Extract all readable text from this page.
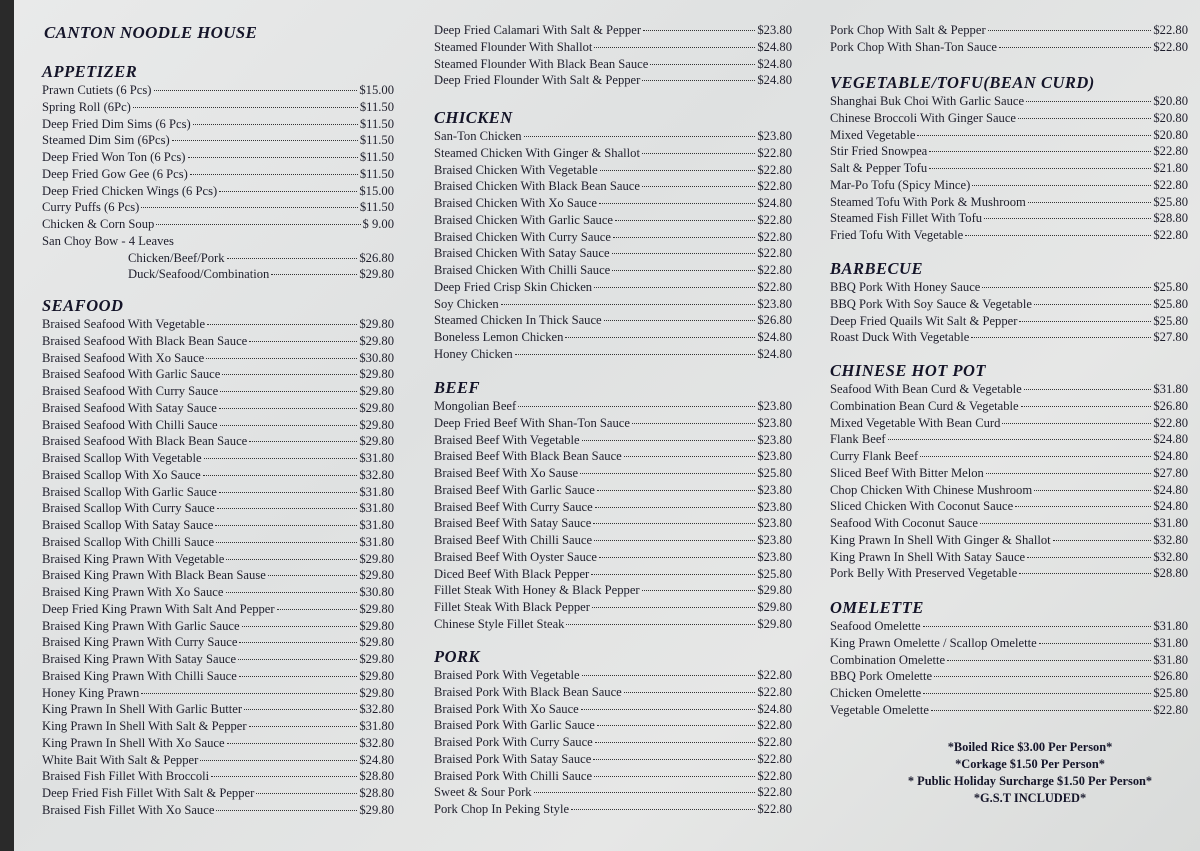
CANTON NOODLE HOUSE
APPETIZER
Prawn Cutiets (6 Pcs)	$15.00
Spring Roll (6Pc)	$11.50
Deep Fried Dim Sims (6 Pcs)	$11.50
Steamed Dim Sim (6Pcs)	$11.50
Deep Fried Won Ton (6 Pcs)	$11.50
Deep Fried Gow Gee (6 Pcs)	$11.50
Deep Fried Chicken Wings (6 Pcs)	$15.00
Curry Puffs (6 Pcs)	$11.50
Chicken & Corn Soup	$ 9.00
San Choy Bow - 4 Leaves
Chicken/Beef/Pork	$26.80
Duck/Seafood/Combination	$29.80
SEAFOOD
Braised Seafood With Vegetable	$29.80
Braised Seafood With Black Bean Sauce	$29.80
Braised Seafood With Xo Sauce	$30.80
Braised Seafood With Garlic Sauce	$29.80
Braised Seafood With Curry Sauce	$29.80
Braised Seafood With Satay Sauce	$29.80
Braised Seafood With Chilli Sauce	$29.80
Braised Seafood With Black Bean Sauce	$29.80
Braised Scallop With Vegetable	$31.80
Braised Scallop With Xo Sauce	$32.80
Braised Scallop With Garlic Sauce	$31.80
Braised Scallop With Curry Sauce	$31.80
Braised Scallop With Satay Sauce	$31.80
Braised Scallop With Chilli Sauce	$31.80
Braised King Prawn With Vegetable	$29.80
Braised King Prawn With Black Bean Sause	$29.80
Braised King Prawn With Xo Sauce	$30.80
Deep Fried King Prawn With Salt And Pepper	$29.80
Braised King Prawn With Garlic Sauce	$29.80
Braised King Prawn With Curry Sauce	$29.80
Braised King Prawn With Satay Sauce	$29.80
Braised King Prawn With Chilli Sauce	$29.80
Honey King Prawn	$29.80
King Prawn In Shell With Garlic Butter	$32.80
King Prawn In Shell With Salt & Pepper	$31.80
King Prawn In Shell With Xo Sauce	$32.80
White Bait With Salt & Pepper	$24.80
Braised Fish Fillet With Broccoli	$28.80
Deep Fried Fish Fillet With Salt & Pepper	$28.80
Braised Fish Fillet With Xo Sauce	$29.80
Deep Fried Calamari With Salt & Pepper	$23.80
Steamed Flounder With Shallot	$24.80
Steamed Flounder With Black Bean Sauce	$24.80
Deep Fried Flounder With Salt & Pepper	$24.80
CHICKEN
San-Ton Chicken	$23.80
Steamed Chicken With Ginger & Shallot	$22.80
Braised Chicken With Vegetable	$22.80
Braised Chicken With Black Bean Sauce	$22.80
Braised Chicken With Xo Sauce	$24.80
Braised Chicken With Garlic Sauce	$22.80
Braised Chicken With Curry Sauce	$22.80
Braised Chicken With Satay Sauce	$22.80
Braised Chicken With Chilli Sauce	$22.80
Deep Fried Crisp Skin Chicken	$22.80
Soy Chicken	$23.80
Steamed Chicken In Thick Sauce	$26.80
Boneless Lemon Chicken	$24.80
Honey Chicken	$24.80
BEEF
Mongolian Beef	$23.80
Deep Fried Beef With Shan-Ton Sauce	$23.80
Braised Beef With Vegetable	$23.80
Braised Beef With Black Bean Sauce	$23.80
Braised Beef With Xo Sause	$25.80
Braised Beef With Garlic Sauce	$23.80
Braised Beef With Curry Sauce	$23.80
Braised Beef With Satay Sauce	$23.80
Braised Beef With Chilli Sauce	$23.80
Braised Beef With Oyster Sauce	$23.80
Diced Beef With Black Pepper	$25.80
Fillet Steak With Honey & Black Pepper	$29.80
Fillet Steak With Black Pepper	$29.80
Chinese Style Fillet Steak	$29.80
PORK
Braised Pork With Vegetable	$22.80
Braised Pork With Black Bean Sauce	$22.80
Braised Pork With Xo Sauce	$24.80
Braised Pork With Garlic Sauce	$22.80
Braised Pork With Curry Sauce	$22.80
Braised Pork With Satay Sauce	$22.80
Braised Pork With Chilli Sauce	$22.80
Sweet & Sour Pork	$22.80
Pork Chop In Peking Style	$22.80
Pork Chop With Salt & Pepper	$22.80
Pork Chop With Shan-Ton Sauce	$22.80
VEGETABLE/TOFU(BEAN CURD)
Shanghai Buk Choi With Garlic Sauce	$20.80
Chinese Broccoli With Ginger Sauce	$20.80
Mixed Vegetable	$20.80
Stir Fried Snowpea	$22.80
Salt & Pepper Tofu	$21.80
Mar-Po Tofu (Spicy Mince)	$22.80
Steamed Tofu With Pork & Mushroom	$25.80
Steamed Fish Fillet With Tofu	$28.80
Fried Tofu With Vegetable	$22.80
BARBECUE
BBQ Pork With Honey Sauce	$25.80
BBQ Pork With Soy Sauce & Vegetable	$25.80
Deep Fried Quails Wit Salt & Pepper	$25.80
Roast Duck With Vegetable	$27.80
CHINESE HOT POT
Seafood With Bean Curd & Vegetable	$31.80
Combination Bean Curd & Vegetable	$26.80
Mixed Vegetable With Bean Curd	$22.80
Flank Beef	$24.80
Curry Flank Beef	$24.80
Sliced Beef With Bitter Melon	$27.80
Chop Chicken With Chinese Mushroom	$24.80
Sliced Chicken With Coconut Sauce	$24.80
Seafood With Coconut Sauce	$31.80
King Prawn In Shell With Ginger & Shallot	$32.80
King Prawn In Shell With Satay Sauce	$32.80
Pork Belly With Preserved Vegetable	$28.80
OMELETTE
Seafood Omelette	$31.80
King Prawn Omelette / Scallop Omelette	$31.80
Combination Omelette	$31.80
BBQ Pork Omelette	$26.80
Chicken Omelette	$25.80
Vegetable Omelette	$22.80
*Boiled Rice $3.00 Per Person*
*Corkage $1.50 Per Person*
* Public Holiday Surcharge $1.50 Per Person*
*G.S.T INCLUDED*
